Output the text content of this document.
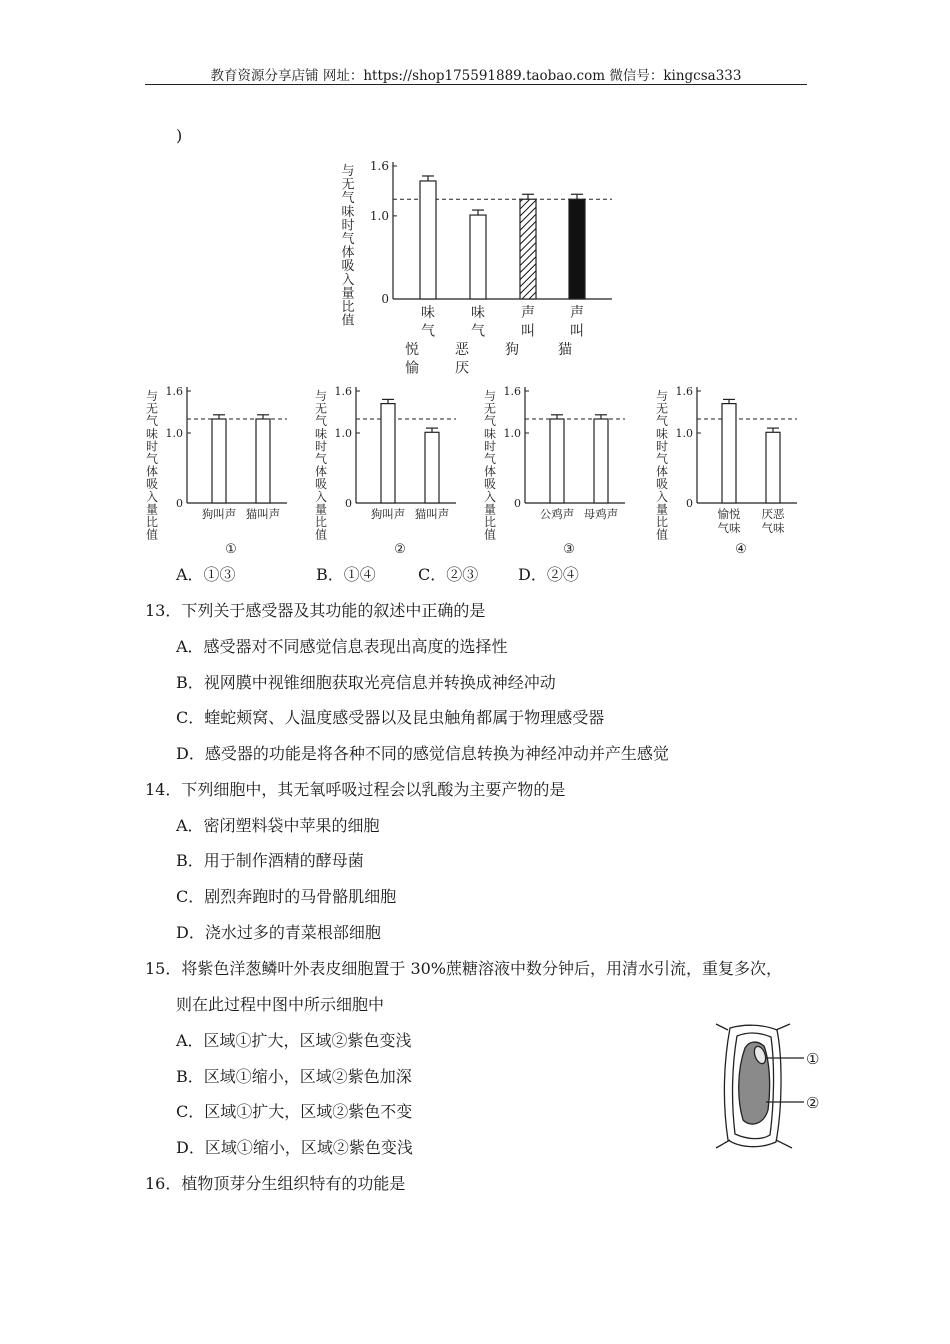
教育资源分享店铺 网址：https://shop175591889.taobao.com 微信号：kingcsa333
)
1.6
1.0
0
与
无
气
味
时
气
体
吸
入
量
比
值
味
气
悦
愉
味
气
恶
厌
声
叫
狗
声
叫
猫
1.6
1.0
0
与
无
气
味
时
气
体
吸
入
量
比
值
狗叫声 猫叫声
①
1.6
1.0
0
与
无
气
味
时
气
体
吸
入
量
比
值
狗叫声 猫叫声
②
1.6
1.0
0
与
无
气
味
时
气
体
吸
入
量
比
值
公鸡声 母鸡声
③
1.6
1.0
0
与
无
气
味
时
气
体
吸
入
量
比
值
愉悦
气味
厌恶
气味
④
①
②
A．①③	B．①④	C．②③ D．②④
13．下列关于感受器及其功能的叙述中正确的是
A．感受器对不同感觉信息表现出高度的选择性
B．视网膜中视锥细胞获取光亮信息并转换成神经冲动
C．蝰蛇颊窝、人温度感受器以及昆虫触角都属于物理感受器
D．感受器的功能是将各种不同的感觉信息转换为神经冲动并产生感觉
14．下列细胞中，其无氧呼吸过程会以乳酸为主要产物的是
A．密闭塑料袋中苹果的细胞
B．用于制作酒精的酵母菌
C．剧烈奔跑时的马骨骼肌细胞
D．浇水过多的青菜根部细胞
15．将紫色洋葱鳞叶外表皮细胞置于 30%蔗糖溶液中数分钟后，用清水引流，重复多次，
则在此过程中图中所示细胞中
A．区域①扩大，区域②紫色变浅
B．区域①缩小，区域②紫色加深
C．区域①扩大，区域②紫色不变
D．区域①缩小，区域②紫色变浅
16．植物顶芽分生组织特有的功能是
